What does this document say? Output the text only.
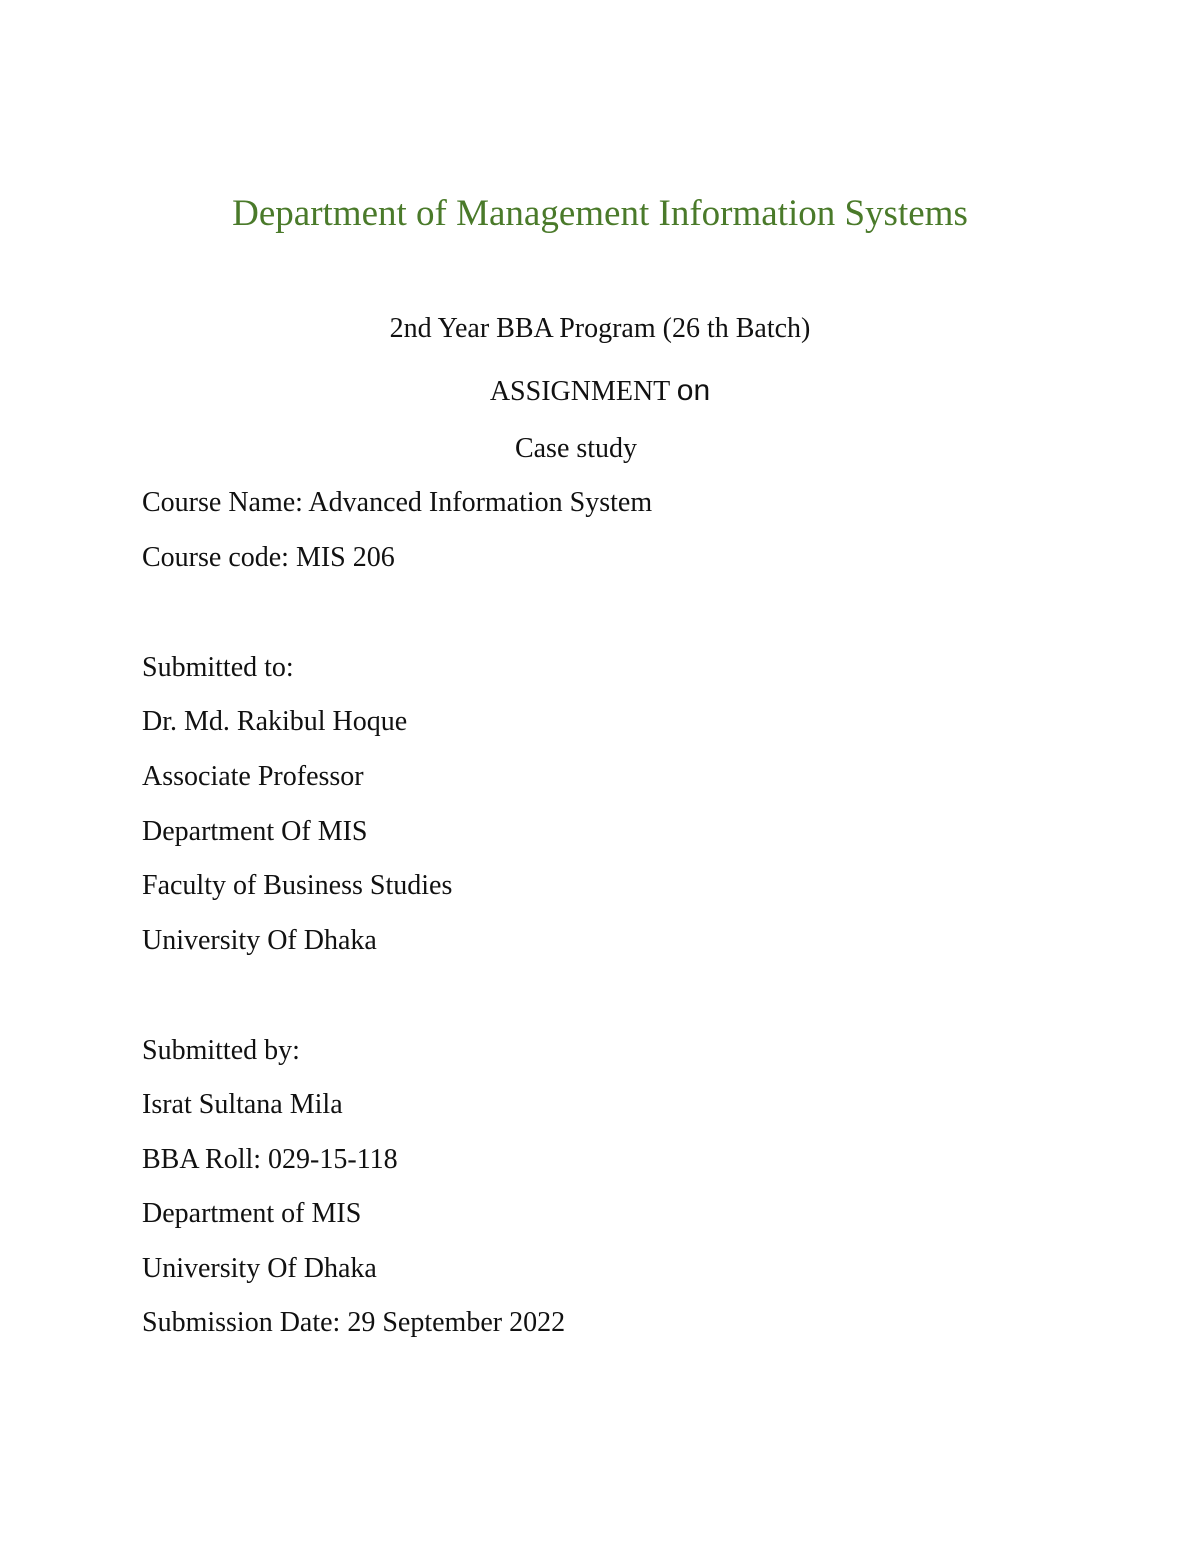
Department of Management Information Systems
2nd Year BBA Program (26 th Batch)
ASSIGNMENT on
Case study
Course Name: Advanced Information System
Course code: MIS 206
Submitted to:
Dr. Md. Rakibul Hoque
Associate Professor
Department Of MIS
Faculty of Business Studies
University Of Dhaka
Submitted by:
Israt Sultana Mila
BBA Roll: 029-15-118
Department of MIS
University Of Dhaka
Submission Date: 29 September 2022
